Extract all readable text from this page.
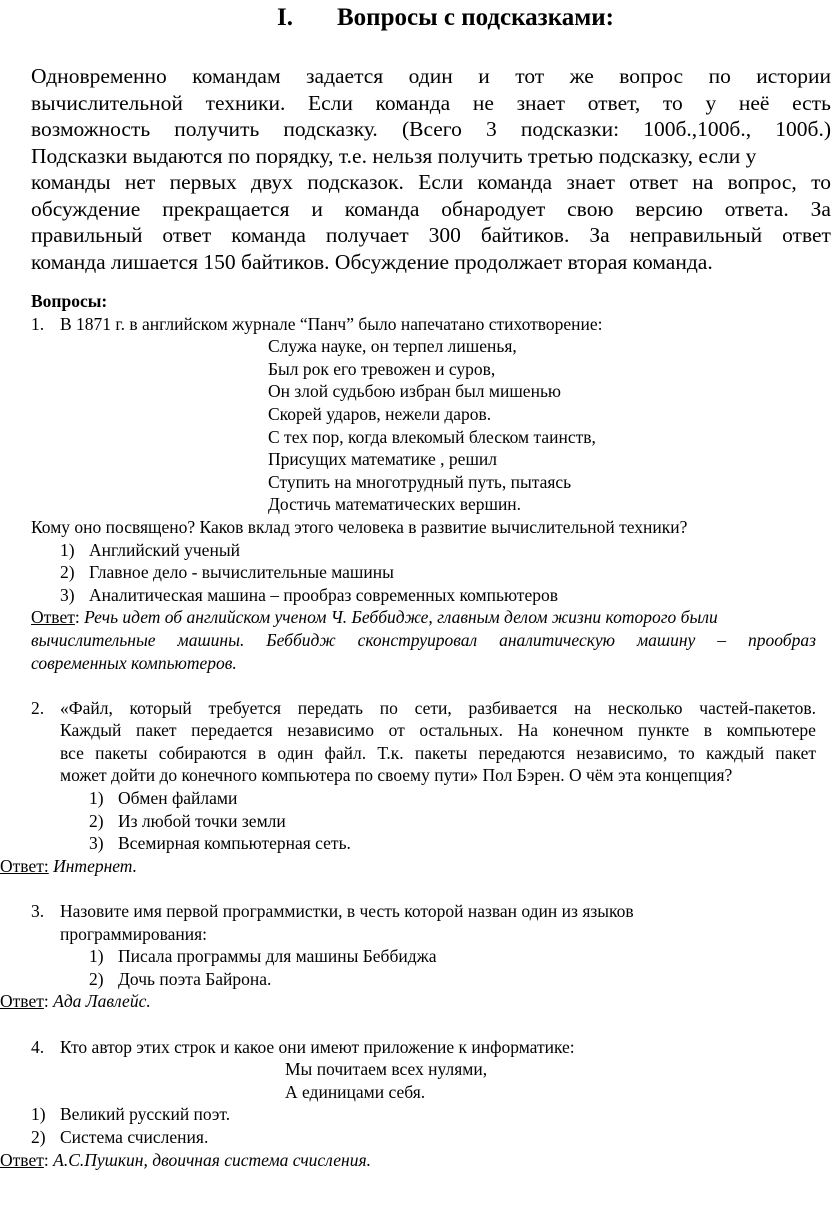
I. Вопросы с подсказками:
Одновременно командам задается один и тот же вопрос по истории
вычислительной техники. Если команда не знает ответ, то у неё есть
возможность получить подсказку. (Всего 3 подсказки: 100б.,100б., 100б.)
Подсказки выдаются по порядку, т.е. нельзя получить третью подсказку, если у
команды нет первых двух подсказок. Если команда знает ответ на вопрос, то
обсуждение прекращается и команда обнародует свою версию ответа. За
правильный ответ команда получает 300 байтиков. За неправильный ответ
команда лишается 150 байтиков. Обсуждение продолжает вторая команда.
Вопросы:
1. В 1871 г. в английском журнале “Панч” было напечатано стихотворение:
Служа науке, он терпел лишенья,
Был рок его тревожен и суров,
Он злой судьбою избран был мишенью
Скорей ударов, нежели даров.
С тех пор, когда влекомый блеском таинств,
Присущих математике , решил
Ступить на многотрудный путь, пытаясь
Достичь математических вершин.
Кому оно посвящено? Каков вклад этого человека в развитие вычислительной техники?
1) Английский ученый
2) Главное дело - вычислительные машины
3) Аналитическая машина – прообраз современных компьютеров
Ответ: Речь идет об английском ученом Ч. Беббидже, главным делом жизни которого были
вычислительные машины. Беббидж сконструировал аналитическую машину – прообраз
современных компьютеров.
2. «Файл, который требуется передать по сети, разбивается на несколько частей-пакетов.
Каждый пакет передается независимо от остальных. На конечном пункте в компьютере
все пакеты собираются в один файл. Т.к. пакеты передаются независимо, то каждый пакет
может дойти до конечного компьютера по своему пути» Пол Бэрен. О чём эта концепция?
1) Обмен файлами
2) Из любой точки земли
3) Всемирная компьютерная сеть.
Ответ: Интернет.
3. Назовите имя первой программистки, в честь которой назван один из языков
программирования:
1) Писала программы для машины Беббиджа
2) Дочь поэта Байрона.
Ответ: Ада Лавлейс.
4. Кто автор этих строк и какое они имеют приложение к информатике:
Мы почитаем всех нулями,
А единицами себя.
1) Великий русский поэт.
2) Система счисления.
Ответ: А.С.Пушкин, двоичная система счисления.
